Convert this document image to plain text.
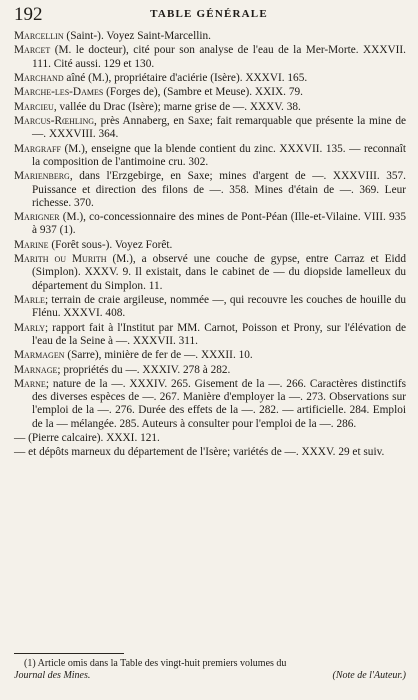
192	TABLE GÉNÉRALE

Marcellin (Saint-). Voyez Saint-Marcellin.

Marcet (M. le docteur), cité pour son analyse de l'eau de la Mer-Morte. XXXVII. 111. Cité aussi. 129 et 130.

Marchand aîné (M.), propriétaire d'aciérie (Isère). XXXVI. 165.

Marche-les-Dames (Forges de), (Sambre et Meuse). XXIX. 79.

Marcieu, vallée du Drac (Isère); marne grise de —. XXXV. 38.

Marcus-Rœhling, près Annaberg, en Saxe; fait remarquable que présente la mine de —. XXXVIII. 364.

Margraff (M.), enseigne que la blende contient du zinc. XXXVII. 135. — reconnaît la composition de l'antimoine cru. 302.

Marienberg, dans l'Erzgebirge, en Saxe; mines d'argent de —. XXXVIII. 357. Puissance et direction des filons de —. 358. Mines d'étain de —. 369. Leur richesse. 370.

Marigner (M.), co-concessionnaire des mines de Pont-Péan (Ille-et-Vilaine. VIII. 935 à 937 (1).

Marine (Forêt sous-). Voyez Forêt.

Marith ou Murith (M.), a observé une couche de gypse, entre Carraz et Eidd (Simplon). XXXV. 9. Il existait, dans le cabinet de — du diopside lamelleux du département du Simplon. 11.

Marle; terrain de craie argileuse, nommée —, qui recouvre les couches de houille du Flénu. XXXVI. 408.

Marly; rapport fait à l'Institut par MM. Carnot, Poisson et Prony, sur l'élévation de l'eau de la Seine à —. XXXVII. 311.

Marmagen (Sarre), minière de fer de —. XXXII. 10.

Marnage; propriétés du —. XXXIV. 278 à 282.

Marne; nature de la —. XXXIV. 265. Gisement de la —. 266. Caractères distinctifs des diverses espèces de —. 267. Manière d'employer la —. 273. Observations sur l'emploi de la —. 276. Durée des effets de la —. 282. — artificielle. 284. Emploi de la — mélangée. 285. Auteurs à consulter pour l'emploi de la —. 286.

— (Pierre calcaire). XXXI. 121.

— et dépôts marneux du département de l'Isère; variétés de —. XXXV. 29 et suiv.

(1) Article omis dans la Table des vingt-huit premiers volumes du
Journal des Mines.	(Note de l'Auteur.)
